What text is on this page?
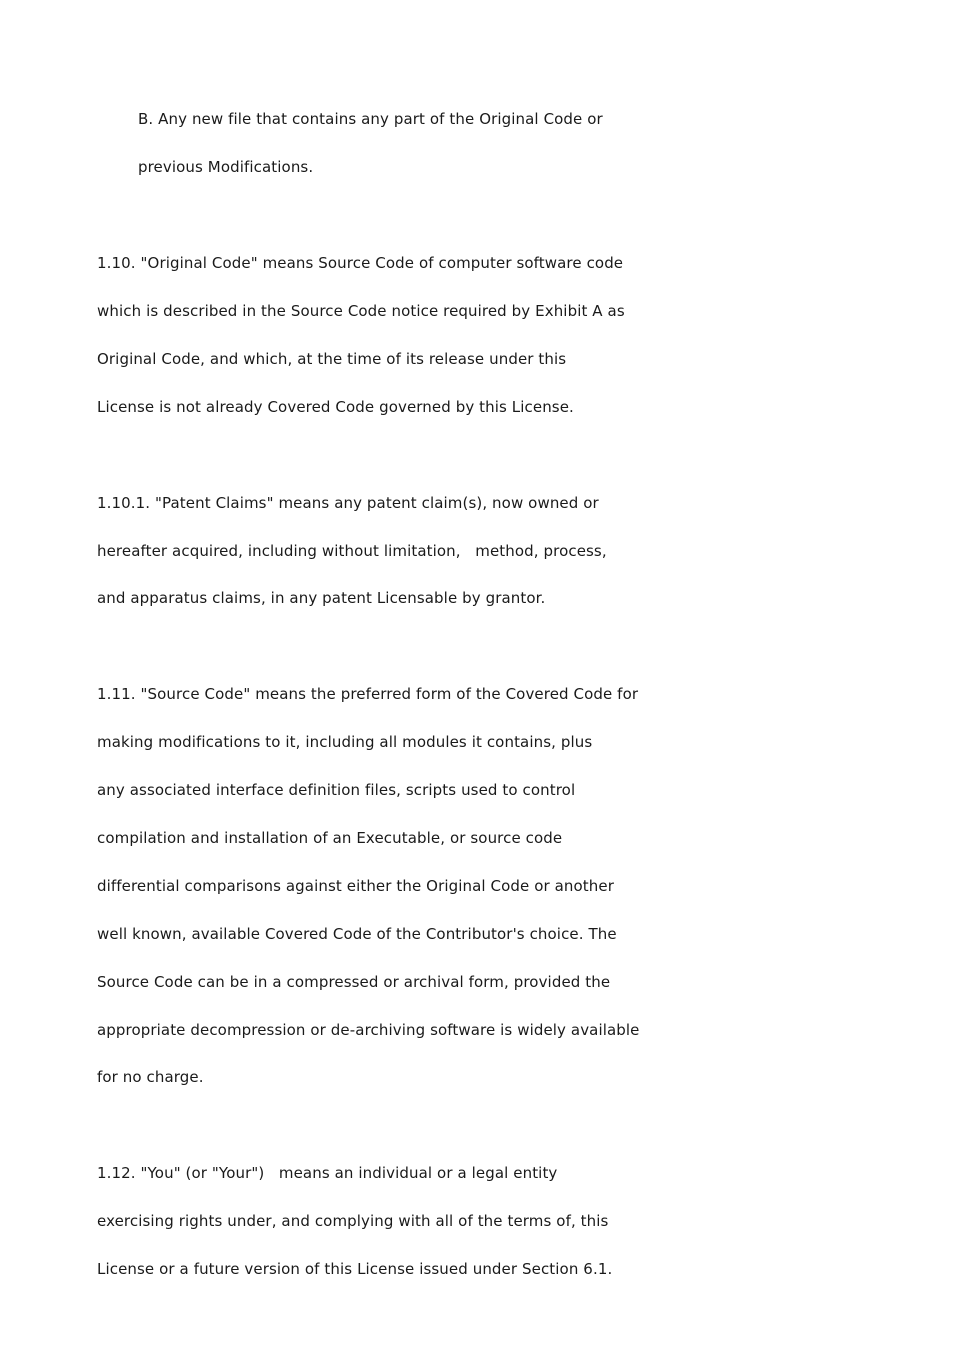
B. Any new file that contains any part of the Original Code or
previous Modifications.
1.10. "Original Code" means Source Code of computer software code
which is described in the Source Code notice required by Exhibit A as
Original Code, and which, at the time of its release under this
License is not already Covered Code governed by this License.
1.10.1. "Patent Claims" means any patent claim(s), now owned or
hereafter acquired, including without limitation,   method, process,
and apparatus claims, in any patent Licensable by grantor.
1.11. "Source Code" means the preferred form of the Covered Code for
making modifications to it, including all modules it contains, plus
any associated interface definition files, scripts used to control
compilation and installation of an Executable, or source code
differential comparisons against either the Original Code or another
well known, available Covered Code of the Contributor's choice. The
Source Code can be in a compressed or archival form, provided the
appropriate decompression or de-archiving software is widely available
for no charge.
1.12. "You" (or "Your")   means an individual or a legal entity
exercising rights under, and complying with all of the terms of, this
License or a future version of this License issued under Section 6.1.
